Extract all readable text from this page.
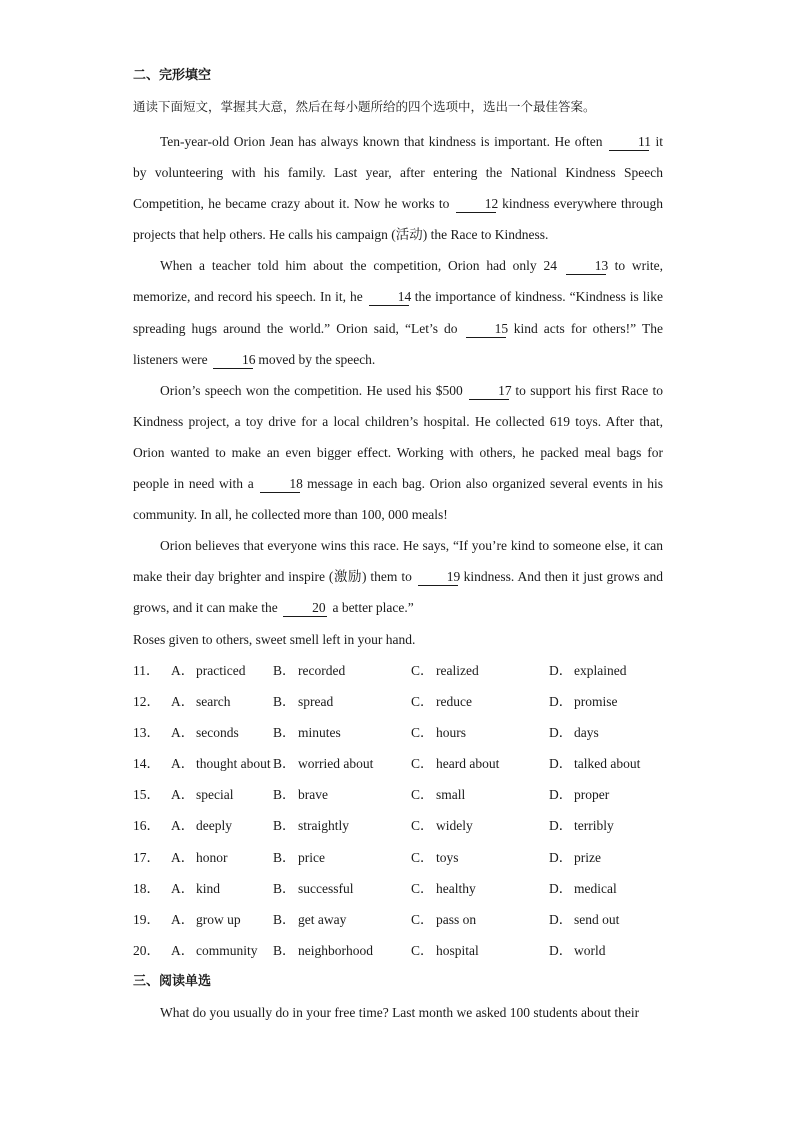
二、完形填空
通读下面短文，掌握其大意，然后在每小题所给的四个选项中，选出一个最佳答案。

Ten-year-old Orion Jean has always known that kindness is important. He often	11 it by volunteering with his family. Last year, after entering the National Kindness Speech Competition, he became crazy about it. Now he works to	12 kindness everywhere through projects that help others. He calls his campaign (活动) the Race to Kindness.

When a teacher told him about the competition, Orion had only 24	13 to write, memorize, and record his speech. In it, he	14 the importance of kindness. “Kindness is like spreading hugs around the world.” Orion said, “Let’s do	15 kind acts for others!” The listeners were	16 moved by the speech.

Orion’s speech won the competition. He used his $500	17 to support his first Race to Kindness project, a toy drive for a local children’s hospital. He collected 619 toys. After that, Orion wanted to make an even bigger effect. Working with others, he packed meal bags for people in need with a	18 message in each bag. Orion also organized several events in his community. In all, he collected more than 100, 000 meals!

Orion believes that everyone wins this race. He says, “If you’re kind to someone else, it can make their day brighter and inspire (激励) them to	19 kindness. And then it just grows and grows, and it can make the	20 a better place.”

Roses given to others, sweet smell left in your hand.
11． A． practiced B． recorded	C． realized	D． explained
12． A． search	B． spread	C． reduce	D． promise
13． A． seconds	B． minutes	C． hours	D． days
14． A． thought about B． worried about	C． heard about	D． talked about
15． A． special	B． brave	C． small	D． proper
16． A． deeply	B． straightly	C． widely	D． terribly
17． A． honor	B． price	C． toys	D． prize
18． A． kind	B． successful	C． healthy	D． medical
19． A． grow up B． get away	C． pass on	D． send out
20． A． community B． neighborhood	C． hospital	D． world
三、阅读单选
What do you usually do in your free time? Last month we asked 100 students about their
